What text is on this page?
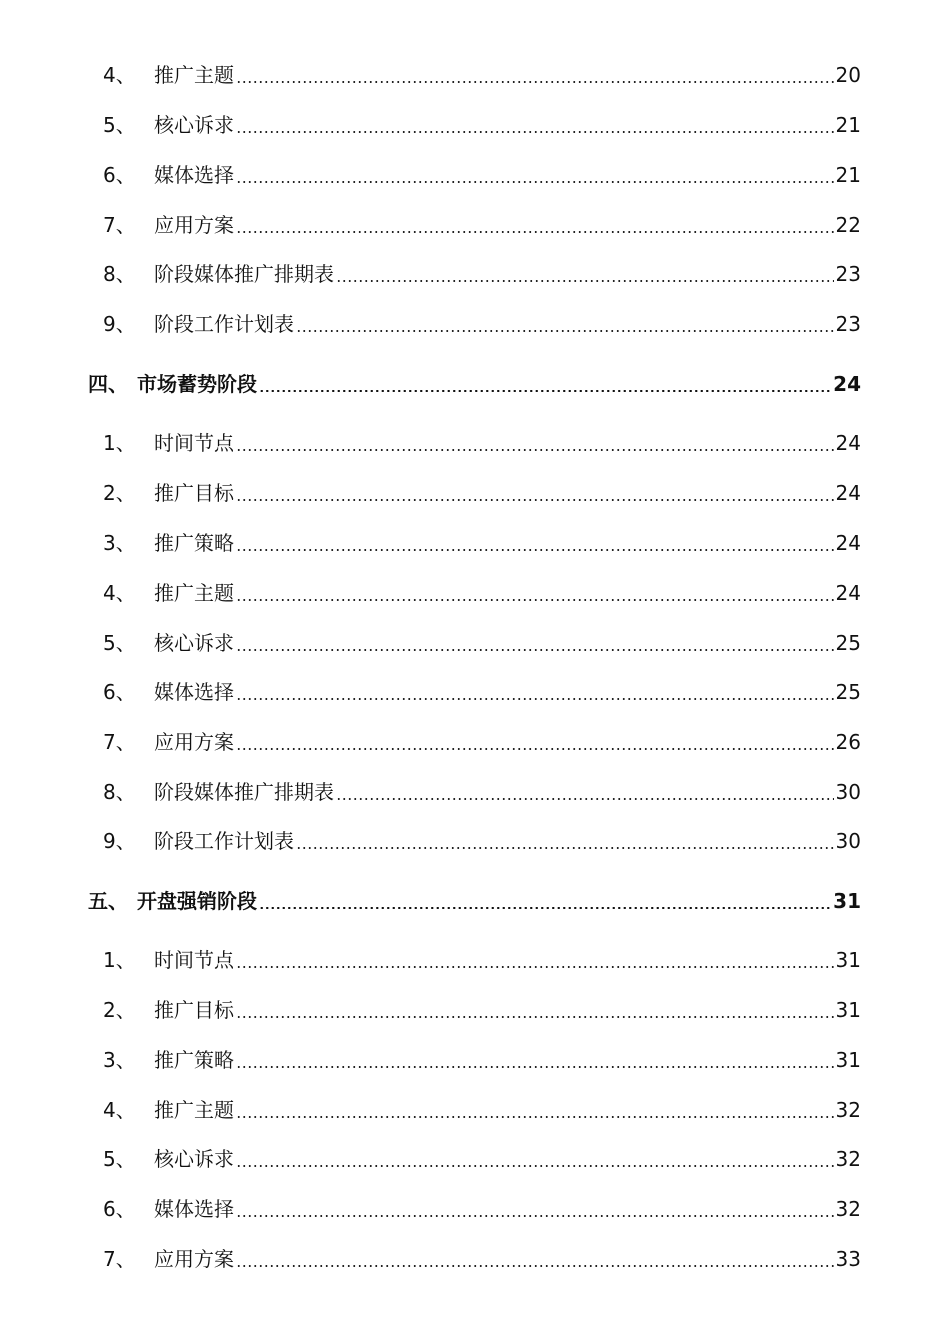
4、 推广主题	20
5、 核心诉求	21
6、 媒体选择	21
7、 应用方案	22
8、 阶段媒体推广排期表	23
9、 阶段工作计划表	23
四、 市场蓄势阶段	24
1、 时间节点	24
2、 推广目标	24
3、 推广策略	24
4、 推广主题	24
5、 核心诉求	25
6、 媒体选择	25
7、 应用方案	26
8、 阶段媒体推广排期表	30
9、 阶段工作计划表	30
五、 开盘强销阶段	31
1、 时间节点	31
2、 推广目标	31
3、 推广策略	31
4、 推广主题	32
5、 核心诉求	32
6、 媒体选择	32
7、 应用方案	33
